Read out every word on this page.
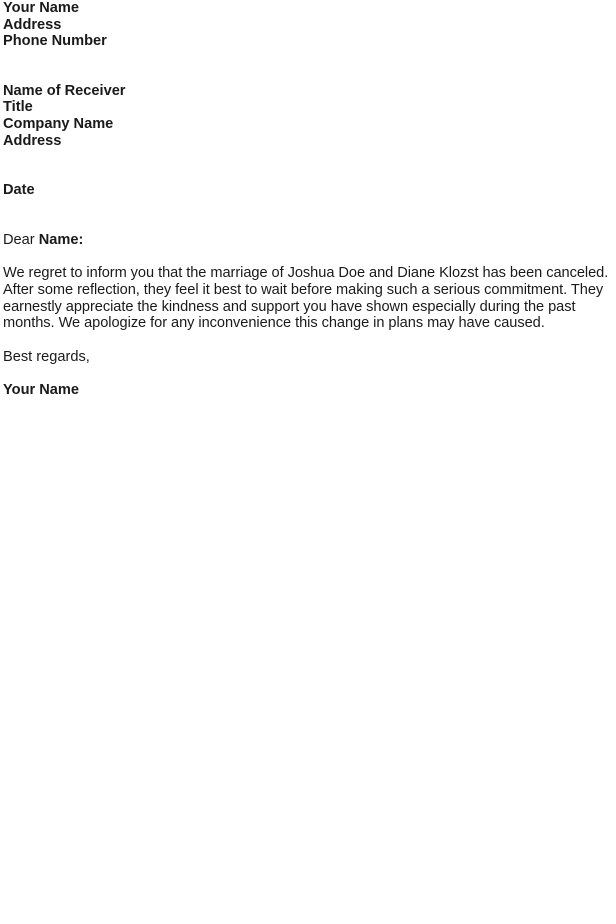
Your Name
Address
Phone Number
Name of Receiver
Title
Company Name
Address
Date
Dear Name:
We regret to inform you that the marriage of Joshua Doe and Diane Klozst has been canceled.
After some reflection, they feel it best to wait before making such a serious commitment. They
earnestly appreciate the kindness and support you have shown especially during the past
months. We apologize for any inconvenience this change in plans may have caused.
Best regards,
Your Name
